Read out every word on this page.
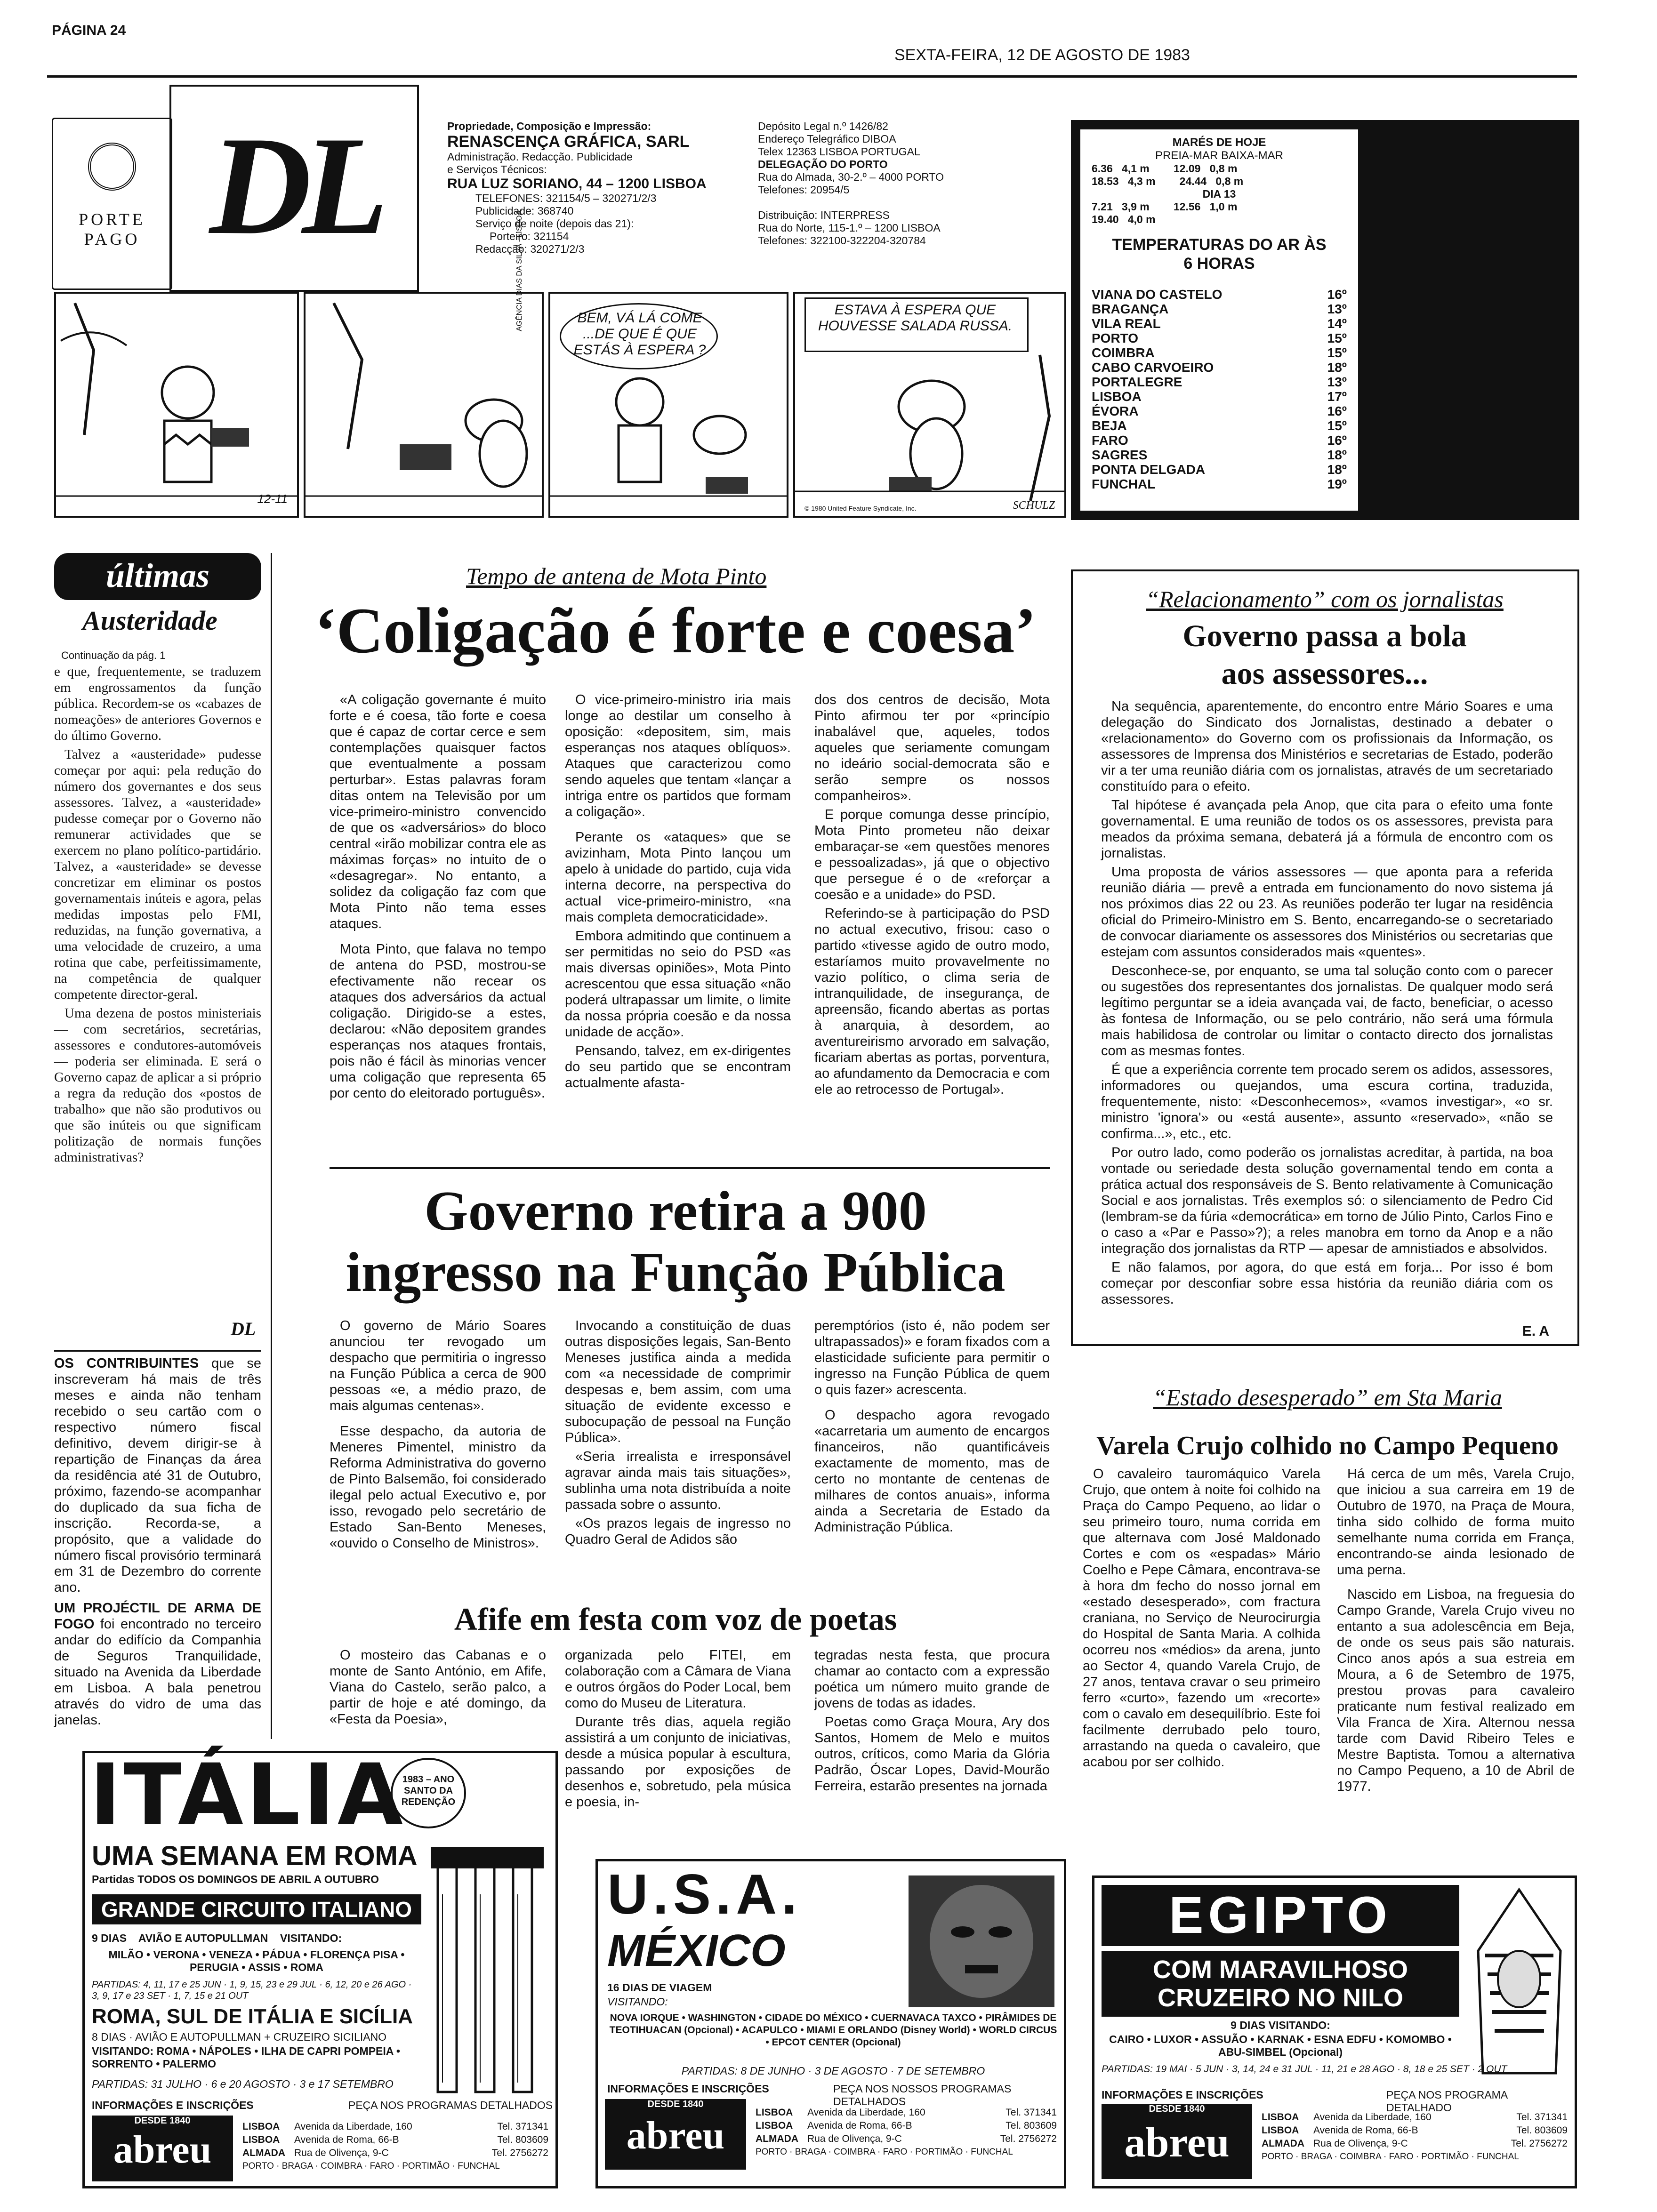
PÁGINA 24
SEXTA-FEIRA, 12 DE AGOSTO DE 1983
PORTE
PAGO DL	Propriedade, Composição e Impressão:
RENASCENÇA GRÁFICA, SARL
Administração. Redacção. Publicidade
e Serviços Técnicos:
RUA LUZ SORIANO, 44 – 1200 LISBOA
TELEFONES: 321154/5 – 320271/2/3
Publicidade: 368740
Serviço de noite (depois das 21):
Porteiro: 321154
Redacção: 320271/2/3
Depósito Legal n.º 1426/82
Endereço Telegráfico DIBOA
Telex 12363 LISBOA PORTUGAL
DELEGAÇÃO DO PORTO
Rua do Almada, 30-2.º – 4000 PORTO
Telefones: 20954/5
Distribuição: INTERPRESS
Rua do Norte, 115-1.º – 1200 LISBOA
Telefones: 322100-322204-320784
MARÉS DE HOJE
PREIA-MAR BAIXA-MAR
6.36   4,1 m        12.09   0,8 m
18.53   4,3 m        24.44   0,8 m
DIA 13
7.21   3,9 m        12.56   1,0 m
19.40   4,0 m
TEMPERATURAS DO AR ÀS 6 HORAS
VIANA DO CASTELO	16º
BRAGANÇA	13º
VILA REAL	14º
PORTO	15º
COIMBRA	15º
CABO CARVOEIRO	18º
PORTALEGRE	13º
LISBOA	17º
ÉVORA	16º
BEJA	15º
FARO	16º
SAGRES	18º
PONTA DELGADA	18º
FUNCHAL	19º
12-11
AGÊNCIA DIAS DA SILVA - LISBOA	BEM, VÁ LÁ COME ...DE QUE É QUE ESTÁS À ESPERA ?
ESTAVA À ESPERA QUE HOUVESSE SALADA RUSSA.
© 1980 United Feature Syndicate, Inc.	SCHULZ
últimas
Austeridade
Continuação da pág. 1

e que, frequentemente, se traduzem em engrossamentos da função pública. Recordem-se os «cabazes de nomeações» de anteriores Governos e do último Governo.

Talvez a «austeridade» pudesse começar por aqui: pela redução do número dos governantes e dos seus assessores. Talvez, a «austeridade» pudesse começar por o Governo não remunerar actividades que se exercem no plano político-partidário. Talvez, a «austeridade» se devesse concretizar em eliminar os postos governamentais inúteis e agora, pelas medidas impostas pelo FMI, reduzidas, na função governativa, a uma velocidade de cruzeiro, a uma rotina que cabe, perfeitissimamente, na competência de qualquer competente director-geral.

Uma dezena de postos ministeriais — com secretários, secretárias, assessores e condutores-automóveis — poderia ser eliminada. E será o Governo capaz de aplicar a si próprio a regra da redução dos «postos de trabalho» que não são produtivos ou que são inúteis ou que significam politização de normais funções administrativas?

DL
OS CONTRIBUINTES que se inscreveram há mais de três meses e ainda não tenham recebido o seu cartão com o respectivo número fiscal definitivo, devem dirigir-se à repartição de Finanças da área da residência até 31 de Outubro, próximo, fazendo-se acompanhar do duplicado da sua ficha de inscrição. Recorda-se, a propósito, que a validade do número fiscal provisório terminará em 31 de Dezembro do corrente ano.
UM PROJÉCTIL DE ARMA DE FOGO foi encontrado no terceiro andar do edifício da Companhia de Seguros Tranquilidade, situado na Avenida da Liberdade em Lisboa. A bala penetrou através do vidro de uma das janelas.
Tempo de antena de Mota Pinto
‘Coligação é forte e coesa’

«A coligação governante é muito forte e é coesa, tão forte e coesa que é capaz de cortar cerce e sem contemplações quaisquer factos que eventualmente a possam perturbar». Estas palavras foram ditas ontem na Televisão por um vice-primeiro-ministro convencido de que os «adversários» do bloco central «irão mobilizar contra ele as máximas forças» no intuito de o «desagregar». No entanto, a solidez da coligação faz com que Mota Pinto não tema esses ataques.

Mota Pinto, que falava no tempo de antena do PSD, mostrou-se efectivamente não recear os ataques dos adversários da actual coligação. Dirigido-se a estes, declarou: «Não depositem grandes esperanças nos ataques frontais, pois não é fácil às minorias vencer uma coligação que representa 65 por cento do eleitorado português».

O vice-primeiro-ministro iria mais longe ao destilar um conselho à oposição: «depositem, sim, mais esperanças nos ataques oblíquos». Ataques que caracterizou como sendo aqueles que tentam «lançar a intriga entre os partidos que formam a coligação».

Perante os «ataques» que se avizinham, Mota Pinto lançou um apelo à unidade do partido, cuja vida interna decorre, na perspectiva do actual vice-primeiro-ministro, «na mais completa democraticidade».

Embora admitindo que continuem a ser permitidas no seio do PSD «as mais diversas opiniões», Mota Pinto acrescentou que essa situação «não poderá ultrapassar um limite, o limite da nossa própria coesão e da nossa unidade de acção».

Pensando, talvez, em ex-dirigentes do seu partido que se encontram actualmente afasta-

dos dos centros de decisão, Mota Pinto afirmou ter por «princípio inabalável que, aqueles, todos aqueles que seriamente comungam no ideário social-democrata são e serão sempre os nossos companheiros».

E porque comunga desse princípio, Mota Pinto prometeu não deixar embaraçar-se «em questões menores e pessoalizadas», já que o objectivo que persegue é o de «reforçar a coesão e a unidade» do PSD.

Referindo-se à participação do PSD no actual executivo, frisou: caso o partido «tivesse agido de outro modo, estaríamos muito provavelmente no vazio político, o clima seria de intranquilidade, de insegurança, de apreensão, ficando abertas as portas à anarquia, à desordem, ao aventureirismo arvorado em salvação, ficariam abertas as portas, porventura, ao afundamento da Democracia e com ele ao retrocesso de Portugal».

Governo retira a 900
ingresso na Função Pública

O governo de Mário Soares anunciou ter revogado um despacho que permitiria o ingresso na Função Pública a cerca de 900 pessoas «e, a médio prazo, de mais algumas centenas».

Esse despacho, da autoria de Meneres Pimentel, ministro da Reforma Administrativa do governo de Pinto Balsemão, foi considerado ilegal pelo actual Executivo e, por isso, revogado pelo secretário de Estado San-Bento Meneses, «ouvido o Conselho de Ministros».

Invocando a constituição de duas outras disposições legais, San-Bento Meneses justifica ainda a medida com «a necessidade de comprimir despesas e, bem assim, com uma situação de evidente excesso e subocupação de pessoal na Função Pública».

«Seria irrealista e irresponsável agravar ainda mais tais situações», sublinha uma nota distribuída a noite passada sobre o assunto.

«Os prazos legais de ingresso no Quadro Geral de Adidos são

peremptórios (isto é, não podem ser ultrapassados)» e foram fixados com a elasticidade suficiente para permitir o ingresso na Função Pública de quem o quis fazer» acrescenta.

O despacho agora revogado «acarretaria um aumento de encargos financeiros, não quantificáveis exactamente de momento, mas de certo no montante de centenas de milhares de contos anuais», informa ainda a Secretaria de Estado da Administração Pública.

Afife em festa com voz de poetas

O mosteiro das Cabanas e o monte de Santo António, em Afife, Viana do Castelo, serão palco, a partir de hoje e até domingo, da «Festa da Poesia»,

organizada pelo FITEI, em colaboração com a Câmara de Viana e outros órgãos do Poder Local, bem como do Museu de Literatura.

Durante três dias, aquela região assistirá a um conjunto de iniciativas, desde a música popular à escultura, passando por exposições de desenhos e, sobretudo, pela música e poesia, in-

tegradas nesta festa, que procura chamar ao contacto com a expressão poética um número muito grande de jovens de todas as idades.

Poetas como Graça Moura, Ary dos Santos, Homem de Melo e muitos outros, críticos, como Maria da Glória Padrão, Óscar Lopes, David-Mourão Ferreira, estarão presentes na jornada

“Relacionamento” com os jornalistas
Governo passa a bola
aos assessores...

Na sequência, aparentemente, do encontro entre Mário Soares e uma delegação do Sindicato dos Jornalistas, destinado a debater o «relacionamento» do Governo com os profissionais da Informação, os assessores de Imprensa dos Ministérios e secretarias de Estado, poderão vir a ter uma reunião diária com os jornalistas, através de um secretariado constituído para o efeito.

Tal hipótese é avançada pela Anop, que cita para o efeito uma fonte governamental. E uma reunião de todos os os assessores, prevista para meados da próxima semana, debaterá já a fórmula de encontro com os jornalistas.

Uma proposta de vários assessores — que aponta para a referida reunião diária — prevê a entrada em funcionamento do novo sistema já nos próximos dias 22 ou 23. As reuniões poderão ter lugar na residência oficial do Primeiro-Ministro em S. Bento, encarregando-se o secretariado de convocar diariamente os assessores dos Ministérios ou secretarias que estejam com assuntos considerados mais «quentes».

Desconhece-se, por enquanto, se uma tal solução conto com o parecer ou sugestões dos representantes dos jornalistas. De qualquer modo será legítimo perguntar se a ideia avançada vai, de facto, beneficiar, o acesso às fontesa de Informação, ou se pelo contrário, não será uma fórmula mais habilidosa de controlar ou limitar o contacto directo dos jornalistas com as mesmas fontes.

É que a experiência corrente tem procado serem os adidos, assessores, informadores ou quejandos, uma escura cortina, traduzida, frequentemente, nisto: «Desconhecemos», «vamos investigar», «o sr. ministro 'ignora'» ou «está ausente», assunto «reservado», «não se confirma...», etc., etc.

Por outro lado, como poderão os jornalistas acreditar, à partida, na boa vontade ou seriedade desta solução governamental tendo em conta a prática actual dos responsáveis de S. Bento relativamente à Comunicação Social e aos jornalistas. Três exemplos só: o silenciamento de Pedro Cid (lembram-se da fúria «democrática» em torno de Júlio Pinto, Carlos Fino e o caso a «Par e Passo»?); a reles manobra em torno da Anop e a não integração dos jornalistas da RTP — apesar de amnistiados e absolvidos.

E não falamos, por agora, do que está em forja... Por isso é bom começar por desconfiar sobre essa história da reunião diária com os assessores.

E. A
“Estado desesperado” em Sta Maria
Varela Crujo colhido no Campo Pequeno

O cavaleiro tauromáquico Varela Crujo, que ontem à noite foi colhido na Praça do Campo Pequeno, ao lidar o seu primeiro touro, numa corrida em que alternava com José Maldonado Cortes e com os «espadas» Mário Coelho e Pepe Câmara, encontrava-se à hora dm fecho do nosso jornal em «estado desesperado», com fractura craniana, no Serviço de Neurocirurgia do Hospital de Santa Maria. A colhida ocorreu nos «médios» da arena, junto ao Sector 4, quando Varela Crujo, de 27 anos, tentava cravar o seu primeiro ferro «curto», fazendo um «recorte» com o cavalo em desequilíbrio. Este foi facilmente derrubado pelo touro, arrastando na queda o cavaleiro, que acabou por ser colhido.

Há cerca de um mês, Varela Crujo, que iniciou a sua carreira em 19 de Outubro de 1970, na Praça de Moura, tinha sido colhido de forma muito semelhante numa corrida em França, encontrando-se ainda lesionado de uma perna.

Nascido em Lisboa, na freguesia do Campo Grande, Varela Crujo viveu no entanto a sua adolescência em Beja, de onde os seus pais são naturais. Cinco anos após a sua estreia em Moura, a 6 de Setembro de 1975, prestou provas para cavaleiro praticante num festival realizado em Vila Franca de Xira. Alternou nessa tarde com David Ribeiro Teles e Mestre Baptista. Tomou a alternativa no Campo Pequeno, a 10 de Abril de 1977.

ITÁLIA
1983 – ANO SANTO DA REDENÇÃO
UMA SEMANA EM ROMA
Partidas TODOS OS DOMINGOS DE ABRIL A OUTUBRO
GRANDE CIRCUITO ITALIANO
9 DIAS    AVIÃO E AUTOPULLMAN    VISITANDO:
MILÃO • VERONA • VENEZA • PÁDUA • FLORENÇA PISA • PERUGIA • ASSIS • ROMA
PARTIDAS: 4, 11, 17 e 25 JUN · 1, 9, 15, 23 e 29 JUL · 6, 12, 20 e 26 AGO · 3, 9, 17 e 23 SET · 1, 7, 15 e 21 OUT
ROMA, SUL DE ITÁLIA E SICÍLIA
8 DIAS · AVIÃO E AUTOPULLMAN + CRUZEIRO SICILIANO
VISITANDO: ROMA • NÁPOLES • ILHA DE CAPRI POMPEIA • SORRENTO • PALERMO
PARTIDAS: 31 JULHO · 6 e 20 AGOSTO · 3 e 17 SETEMBRO
INFORMAÇÕES E INSCRIÇÕES	PEÇA NOS PROGRAMAS DETALHADOS
DESDE 1840
abreu
LISBOA	Avenida da Liberdade, 160	Tel. 371341
LISBOA	Avenida de Roma, 66-B	Tel. 803609
ALMADA Rua de Olivença, 9-C	Tel. 2756272
PORTO · BRAGA · COIMBRA · FARO · PORTIMÃO · FUNCHAL
U.S.A.
MÉXICO
16 DIAS DE VIAGEM
VISITANDO:
NOVA IORQUE • WASHINGTON • CIDADE DO MÉXICO • CUERNAVACA TAXCO • PIRÂMIDES DE TEOTIHUACAN (Opcional) • ACAPULCO • MIAMI E ORLANDO (Disney World) • WORLD CIRCUS • EPCOT CENTER (Opcional)
PARTIDAS: 8 DE JUNHO · 3 DE AGOSTO · 7 DE SETEMBRO
INFORMAÇÕES E INSCRIÇÕES	PEÇA NOS NOSSOS PROGRAMAS DETALHADOS
DESDE 1840
abreu
LISBOA	Avenida da Liberdade, 160	Tel. 371341
LISBOA	Avenida de Roma, 66-B	Tel. 803609
ALMADA Rua de Olivença, 9-C	Tel. 2756272
PORTO · BRAGA · COIMBRA · FARO · PORTIMÃO · FUNCHAL
EGIPTO
COM MARAVILHOSO CRUZEIRO NO NILO
9 DIAS VISITANDO:
CAIRO • LUXOR • ASSUÃO • KARNAK • ESNA EDFU • KOMOMBO • ABU-SIMBEL (Opcional)
PARTIDAS: 19 MAI · 5 JUN · 3, 14, 24 e 31 JUL · 11, 21 e 28 AGO · 8, 18 e 25 SET · 2 OUT
INFORMAÇÕES E INSCRIÇÕES	PEÇA NOS PROGRAMA DETALHADO
DESDE 1840
abreu
LISBOA	Avenida da Liberdade, 160	Tel. 371341
LISBOA	Avenida de Roma, 66-B	Tel. 803609
ALMADA Rua de Olivença, 9-C	Tel. 2756272
PORTO · BRAGA · COIMBRA · FARO · PORTIMÃO · FUNCHAL
